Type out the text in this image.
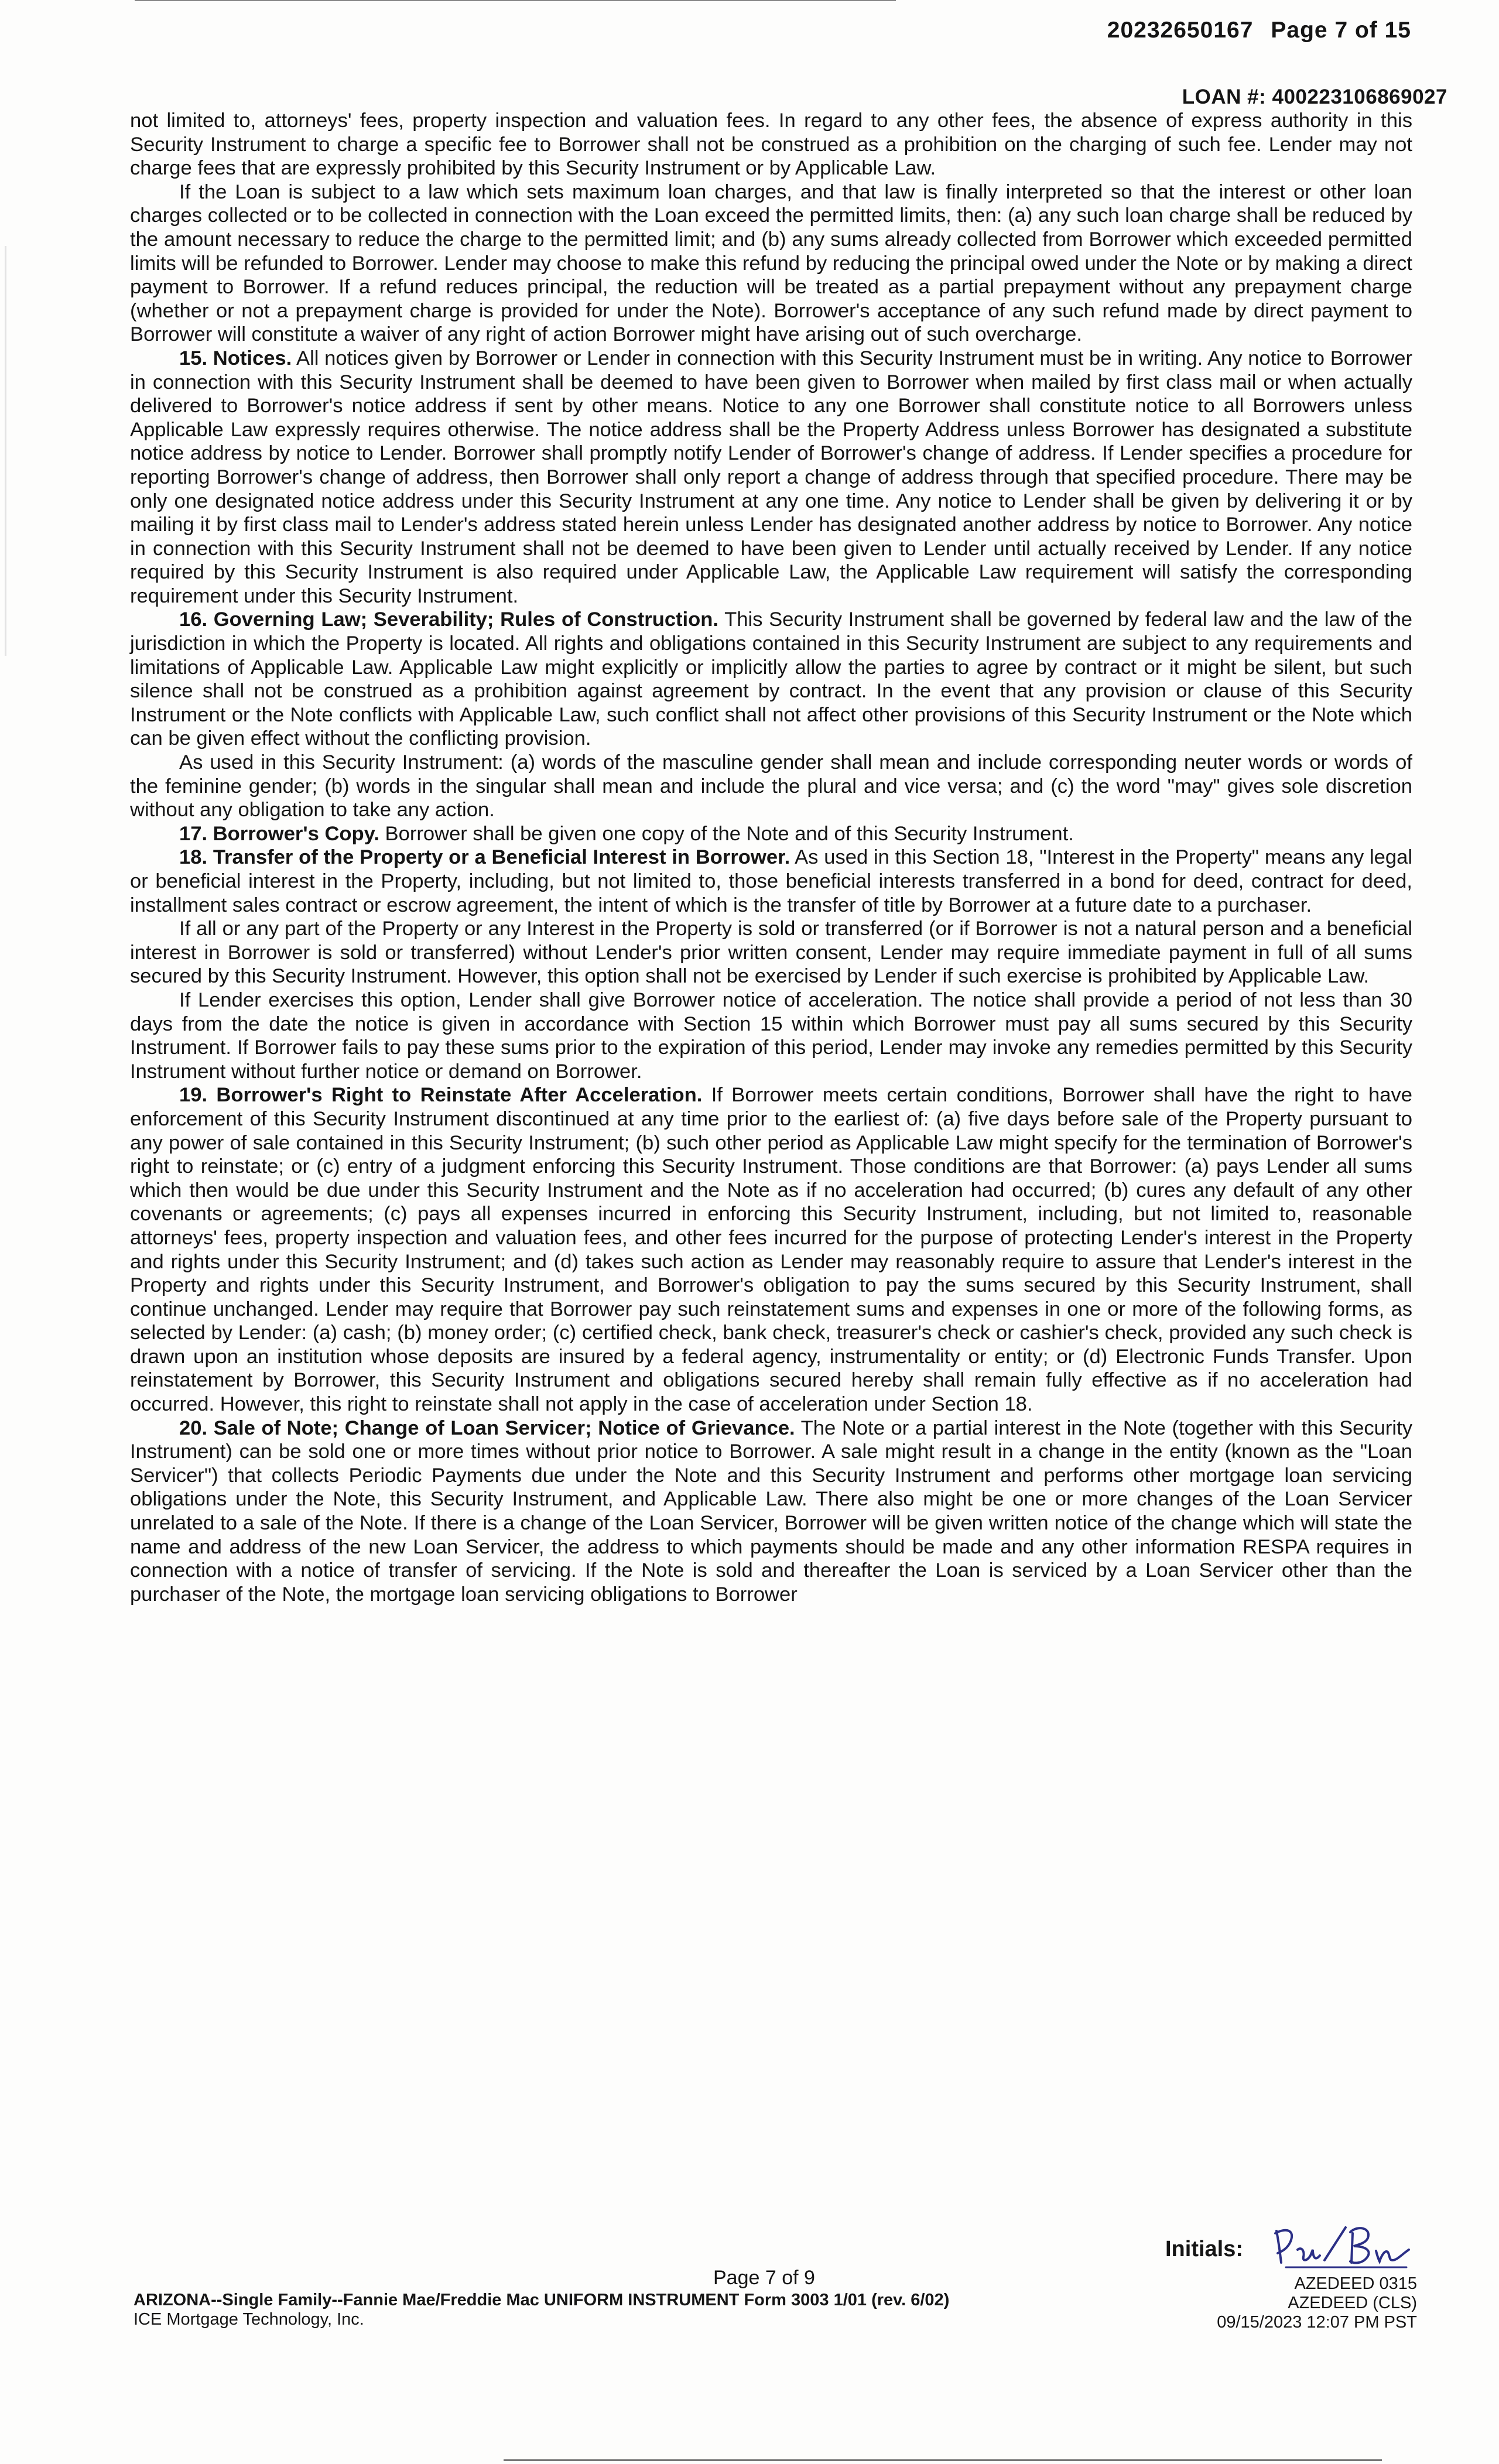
20232650167 Page 7 of 15
LOAN #: 400223106869027

not limited to, attorneys' fees, property inspection and valuation fees. In regard to any other fees, the absence of express authority in this Security Instrument to charge a specific fee to Borrower shall not be construed as a prohibition on the charging of such fee. Lender may not charge fees that are expressly prohibited by this Security Instrument or by Applicable Law.

If the Loan is subject to a law which sets maximum loan charges, and that law is finally interpreted so that the interest or other loan charges collected or to be collected in connection with the Loan exceed the permitted limits, then: (a) any such loan charge shall be reduced by the amount necessary to reduce the charge to the permitted limit; and (b) any sums already collected from Borrower which exceeded permitted limits will be refunded to Borrower. Lender may choose to make this refund by reducing the principal owed under the Note or by making a direct payment to Borrower. If a refund reduces principal, the reduction will be treated as a partial prepayment without any prepayment charge (whether or not a prepayment charge is provided for under the Note). Borrower's acceptance of any such refund made by direct payment to Borrower will constitute a waiver of any right of action Borrower might have arising out of such overcharge.

15. Notices. All notices given by Borrower or Lender in connection with this Security Instrument must be in writing. Any notice to Borrower in connection with this Security Instrument shall be deemed to have been given to Borrower when mailed by first class mail or when actually delivered to Borrower's notice address if sent by other means. Notice to any one Borrower shall constitute notice to all Borrowers unless Applicable Law expressly requires otherwise. The notice address shall be the Property Address unless Borrower has designated a substitute notice address by notice to Lender. Borrower shall promptly notify Lender of Borrower's change of address. If Lender specifies a procedure for reporting Borrower's change of address, then Borrower shall only report a change of address through that specified procedure. There may be only one designated notice address under this Security Instrument at any one time. Any notice to Lender shall be given by delivering it or by mailing it by first class mail to Lender's address stated herein unless Lender has designated another address by notice to Borrower. Any notice in connection with this Security Instrument shall not be deemed to have been given to Lender until actually received by Lender. If any notice required by this Security Instrument is also required under Applicable Law, the Applicable Law requirement will satisfy the corresponding requirement under this Security Instrument.

16. Governing Law; Severability; Rules of Construction. This Security Instrument shall be governed by federal law and the law of the jurisdiction in which the Property is located. All rights and obligations contained in this Security Instrument are subject to any requirements and limitations of Applicable Law. Applicable Law might explicitly or implicitly allow the parties to agree by contract or it might be silent, but such silence shall not be construed as a prohibition against agreement by contract. In the event that any provision or clause of this Security Instrument or the Note conflicts with Applicable Law, such conflict shall not affect other provisions of this Security Instrument or the Note which can be given effect without the conflicting provision.

As used in this Security Instrument: (a) words of the masculine gender shall mean and include corresponding neuter words or words of the feminine gender; (b) words in the singular shall mean and include the plural and vice versa; and (c) the word "may" gives sole discretion without any obligation to take any action.

17. Borrower's Copy. Borrower shall be given one copy of the Note and of this Security Instrument.

18. Transfer of the Property or a Beneficial Interest in Borrower. As used in this Section 18, "Interest in the Property" means any legal or beneficial interest in the Property, including, but not limited to, those beneficial interests transferred in a bond for deed, contract for deed, installment sales contract or escrow agreement, the intent of which is the transfer of title by Borrower at a future date to a purchaser.

If all or any part of the Property or any Interest in the Property is sold or transferred (or if Borrower is not a natural person and a beneficial interest in Borrower is sold or transferred) without Lender's prior written consent, Lender may require immediate payment in full of all sums secured by this Security Instrument. However, this option shall not be exercised by Lender if such exercise is prohibited by Applicable Law.

If Lender exercises this option, Lender shall give Borrower notice of acceleration. The notice shall provide a period of not less than 30 days from the date the notice is given in accordance with Section 15 within which Borrower must pay all sums secured by this Security Instrument. If Borrower fails to pay these sums prior to the expiration of this period, Lender may invoke any remedies permitted by this Security Instrument without further notice or demand on Borrower.

19. Borrower's Right to Reinstate After Acceleration. If Borrower meets certain conditions, Borrower shall have the right to have enforcement of this Security Instrument discontinued at any time prior to the earliest of: (a) five days before sale of the Property pursuant to any power of sale contained in this Security Instrument; (b) such other period as Applicable Law might specify for the termination of Borrower's right to reinstate; or (c) entry of a judgment enforcing this Security Instrument. Those conditions are that Borrower: (a) pays Lender all sums which then would be due under this Security Instrument and the Note as if no acceleration had occurred; (b) cures any default of any other covenants or agreements; (c) pays all expenses incurred in enforcing this Security Instrument, including, but not limited to, reasonable attorneys' fees, property inspection and valuation fees, and other fees incurred for the purpose of protecting Lender's interest in the Property and rights under this Security Instrument; and (d) takes such action as Lender may reasonably require to assure that Lender's interest in the Property and rights under this Security Instrument, and Borrower's obligation to pay the sums secured by this Security Instrument, shall continue unchanged. Lender may require that Borrower pay such reinstatement sums and expenses in one or more of the following forms, as selected by Lender: (a) cash; (b) money order; (c) certified check, bank check, treasurer's check or cashier's check, provided any such check is drawn upon an institution whose deposits are insured by a federal agency, instrumentality or entity; or (d) Electronic Funds Transfer. Upon reinstatement by Borrower, this Security Instrument and obligations secured hereby shall remain fully effective as if no acceleration had occurred. However, this right to reinstate shall not apply in the case of acceleration under Section 18.

20. Sale of Note; Change of Loan Servicer; Notice of Grievance. The Note or a partial interest in the Note (together with this Security Instrument) can be sold one or more times without prior notice to Borrower. A sale might result in a change in the entity (known as the "Loan Servicer") that collects Periodic Payments due under the Note and this Security Instrument and performs other mortgage loan servicing obligations under the Note, this Security Instrument, and Applicable Law. There also might be one or more changes of the Loan Servicer unrelated to a sale of the Note. If there is a change of the Loan Servicer, Borrower will be given written notice of the change which will state the name and address of the new Loan Servicer, the address to which payments should be made and any other information RESPA requires in connection with a notice of transfer of servicing. If the Note is sold and thereafter the Loan is serviced by a Loan Servicer other than the purchaser of the Note, the mortgage loan servicing obligations to Borrower

ARIZONA--Single Family--Fannie Mae/Freddie Mac UNIFORM INSTRUMENT Form 3003 1/01 (rev. 6/02)
ICE Mortgage Technology, Inc.
Page 7 of 9
Initials:
AZEDEED 0315
AZEDEED (CLS)
09/15/2023 12:07 PM PST
